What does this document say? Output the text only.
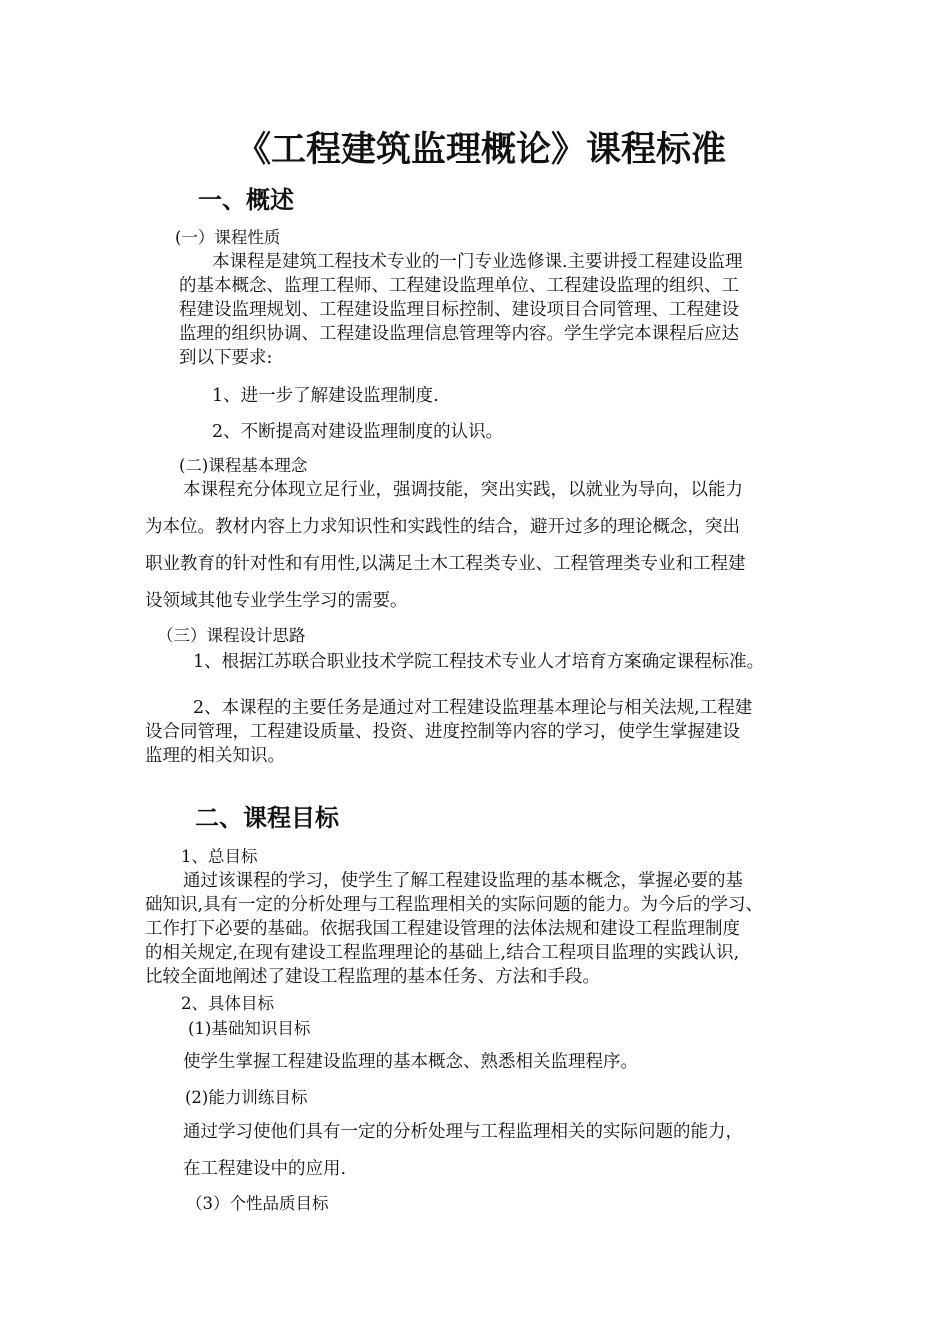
《工程建筑监理概论》课程标准
一、概述
(一）课程性质
本课程是建筑工程技术专业的一门专业选修课.主要讲授工程建设监理
的基本概念、监理工程师、工程建设监理单位、工程建设监理的组织、工
程建设监理规划、工程建设监理目标控制、建设项目合同管理、工程建设
监理的组织协调、工程建设监理信息管理等内容。学生学完本课程后应达
到以下要求:
1、进一步了解建设监理制度.
2、不断提高对建设监理制度的认识。
(二)课程基本理念
本课程充分体现立足行业，强调技能，突出实践，以就业为导向，以能力
为本位。教材内容上力求知识性和实践性的结合，避开过多的理论概念，突出
职业教育的针对性和有用性,以满足土木工程类专业、工程管理类专业和工程建
设领域其他专业学生学习的需要。
（三）课程设计思路
1、根据江苏联合职业技术学院工程技术专业人才培育方案确定课程标准。
2、本课程的主要任务是通过对工程建设监理基本理论与相关法规,工程建
设合同管理，工程建设质量、投资、进度控制等内容的学习，使学生掌握建设
监理的相关知识。
二、课程目标
1、总目标
通过该课程的学习，使学生了解工程建设监理的基本概念，掌握必要的基
础知识,具有一定的分析处理与工程监理相关的实际问题的能力。为今后的学习、
工作打下必要的基础。依据我国工程建设管理的法体法规和建设工程监理制度
的相关规定,在现有建设工程监理理论的基础上,结合工程项目监理的实践认识,
比较全面地阐述了建设工程监理的基本任务、方法和手段。
2、具体目标
(1)基础知识目标
使学生掌握工程建设监理的基本概念、熟悉相关监理程序。
(2)能力训练目标
通过学习使他们具有一定的分析处理与工程监理相关的实际问题的能力，
在工程建设中的应用.
（3）个性品质目标
